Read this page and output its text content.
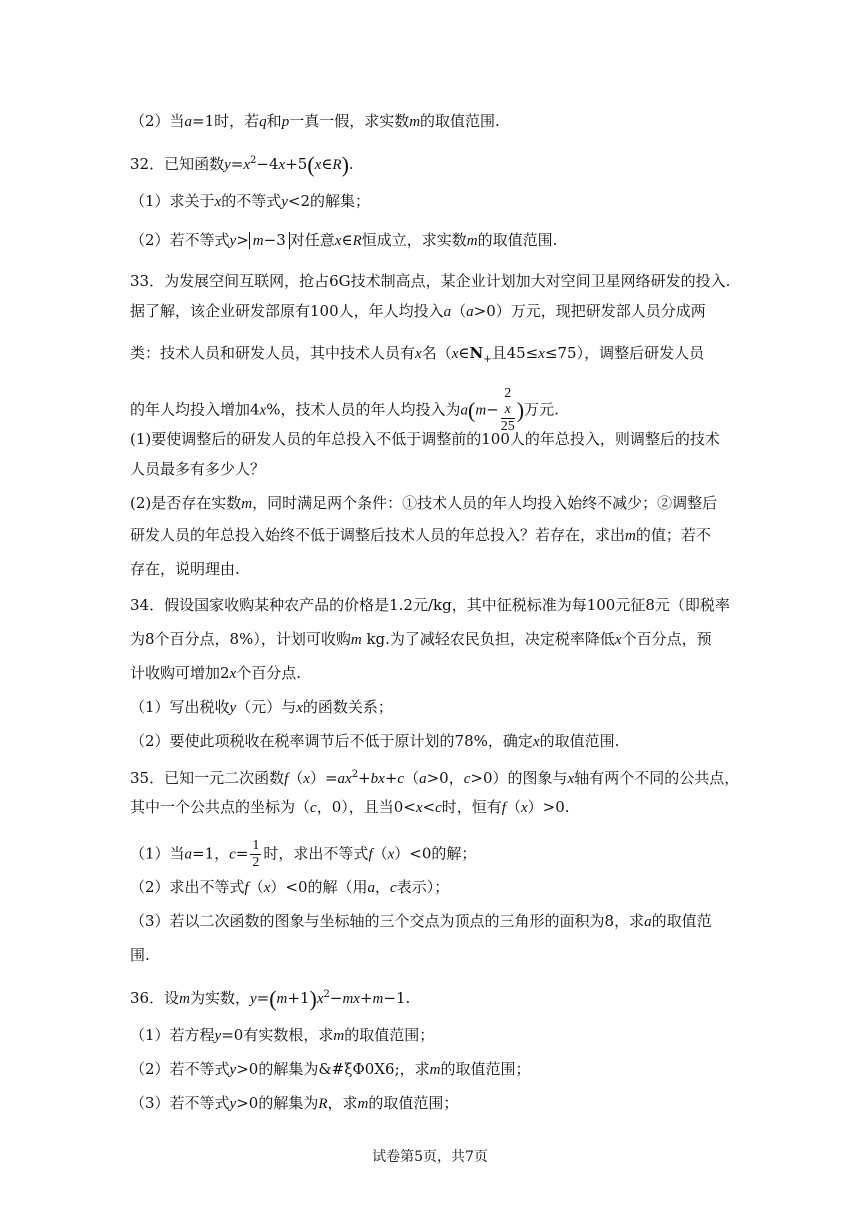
（2）当a=1时，若q和p一真一假，求实数m的取值范围.
32．已知函数$y=x^2-4x+5(x\in R)$.
（1）求关于x的不等式y<2的解集；
（2）若不等式y> m−3 对任意x∈R恒成立，求实数m的取值范围.
33．为发展空间互联网，抢占6G技术制高点，某企业计划加大对空间卫星网络研发的投入.
据了解，该企业研发部原有100人，年人均投入a（a>0）万元，现把研发部人员分成两
类：技术人员和研发人员，其中技术人员有x名（$x\in N_+$且45≤x≤75），调整后研发人员
的年人均投入增加4x%，技术人员的年人均投入为a(m− 2
x
25 )万元.
(1)要使调整后的研发人员的年总投入不低于调整前的100人的年总投入，则调整后的技术
人员最多有多少人？
(2)是否存在实数m，同时满足两个条件：①技术人员的年人均投入始终不减少；②调整后
研发人员的年总投入始终不低于调整后技术人员的年总投入？若存在，求出m的值；若不
存在，说明理由.
34．假设国家收购某种农产品的价格是1.2元/kg，其中征税标准为每100元征8元（即税率
为8个百分点，8%），计划可收购m kg.为了减轻农民负担，决定税率降低x个百分点，预
计收购可增加2x个百分点.
（1）写出税收y（元）与x的函数关系；
（2）要使此项税收在税率调节后不低于原计划的78%，确定x的取值范围.
35．已知一元二次函数$f(x)=ax^2+bx+c(a>0$，c>0）的图象与x轴有两个不同的公共点，
其中一个公共点的坐标为（c，0），且当0<x<c时，恒有f（x）>0.
（1）当a=1，$c= \frac{1}{2}$ 时，求出不等式f（x）<0的解；
（2）求出不等式f（x）<0的解（用a，c表示）；
（3）若以二次函数的图象与坐标轴的三个交点为顶点的三角形的面积为8，求a的取值范
围.
36．设m为实数，$y=(m+1)x^2-mx+m-1$.
（1）若方程y=0有实数根，求m的取值范围；
（2）若不等式y>0的解集为&#ξΦ0X6;，求m的取值范围；
（3）若不等式y>0的解集为R，求m的取值范围；
试卷第5页，共7页
